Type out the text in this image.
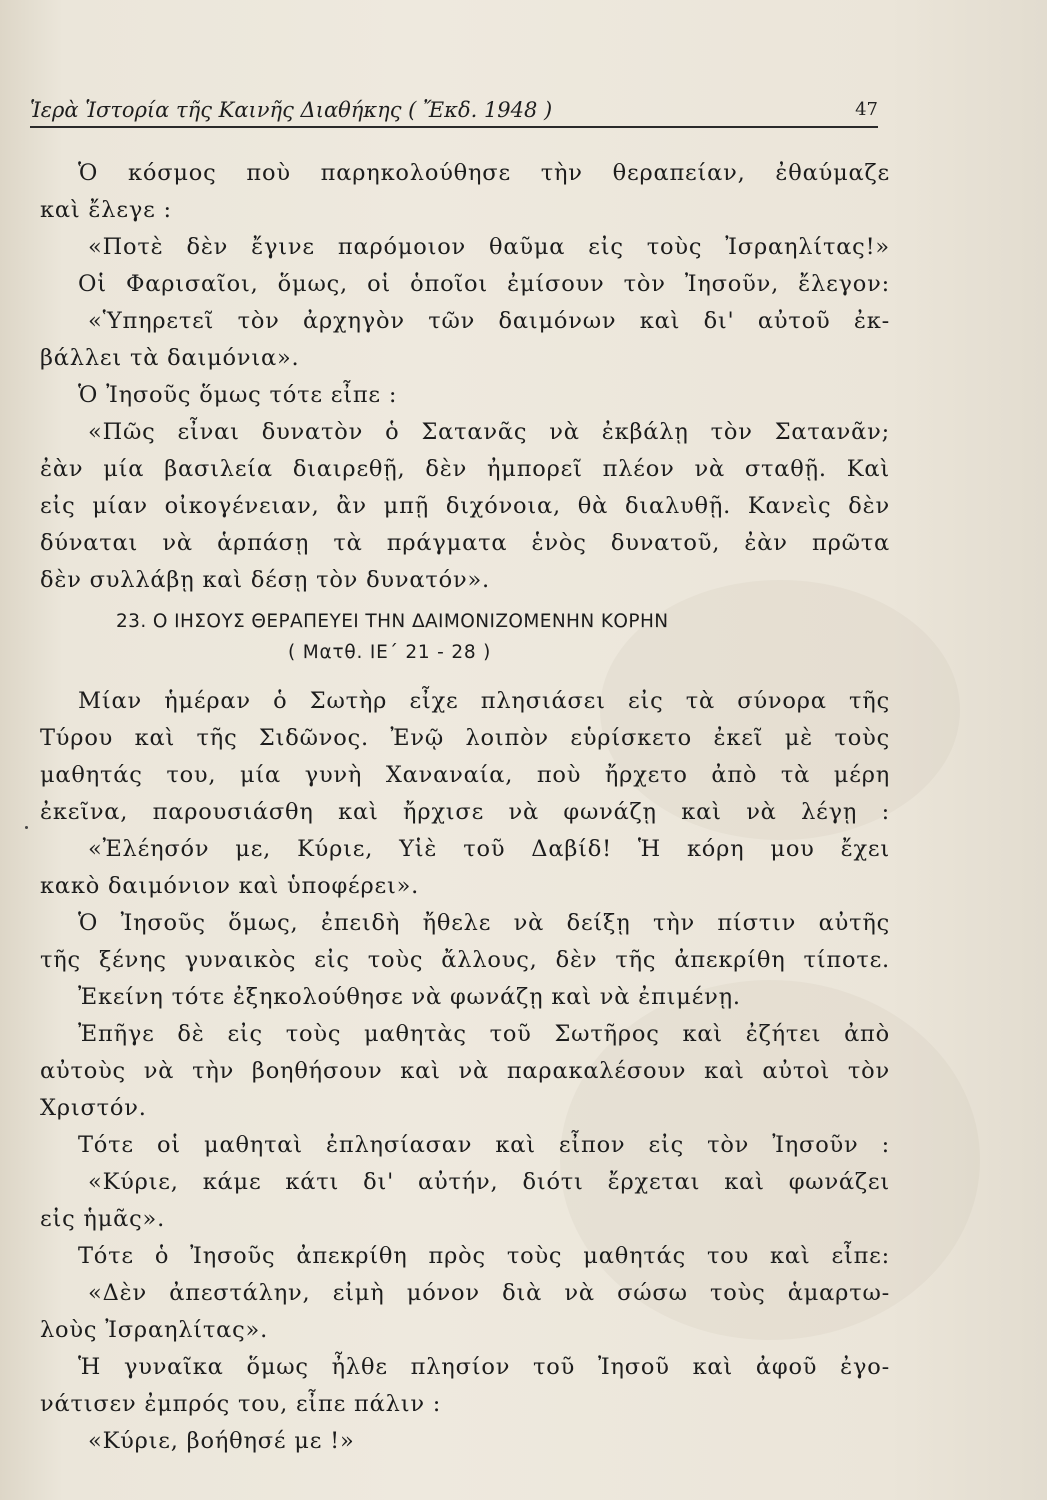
Ἱερὰ Ἱστορία τῆς Καινῆς Διαθήκης ( Ἔκδ. 1948 )	47
Ὁ κόσμος ποὺ παρηκολούθησε τὴν θεραπείαν, ἐθαύμαζε
καὶ ἔλεγε :
«Ποτὲ δὲν ἔγινε παρόμοιον θαῦμα εἰς τοὺς Ἰσραηλίτας!»
Οἱ Φαρισαῖοι, ὅμως, οἱ ὁποῖοι ἐμίσουν τὸν Ἰησοῦν, ἔλεγον:
«Ὑπηρετεῖ τὸν ἀρχηγὸν τῶν δαιμόνων καὶ δι' αὐτοῦ ἐκ-
βάλλει τὰ δαιμόνια».
Ὁ Ἰησοῦς ὅμως τότε εἶπε :
«Πῶς εἶναι δυνατὸν ὁ Σατανᾶς νὰ ἐκβάλῃ τὸν Σατανᾶν;
ἐὰν μία βασιλεία διαιρεθῇ, δὲν ἠμπορεῖ πλέον νὰ σταθῇ. Καὶ
εἰς μίαν οἰκογένειαν, ἂν μπῇ διχόνοια, θὰ διαλυθῇ. Κανεὶς δὲν
δύναται νὰ ἁρπάσῃ τὰ πράγματα ἑνὸς δυνατοῦ, ἐὰν πρῶτα
δὲν συλλάβῃ καὶ δέσῃ τὸν δυνατόν».
23. Ο ΙΗΣΟΥΣ ΘΕΡΑΠΕΥΕΙ ΤΗΝ ΔΑΙΜΟΝΙΖΟΜΕΝΗΝ ΚΟΡΗΝ
( Ματθ. ΙΕ΄ 21 - 28 )
Μίαν ἡμέραν ὁ Σωτὴρ εἶχε πλησιάσει εἰς τὰ σύνορα τῆς
Τύρου καὶ τῆς Σιδῶνος. Ἐνῷ λοιπὸν εὑρίσκετο ἐκεῖ μὲ τοὺς
μαθητάς του, μία γυνὴ Χαναναία, ποὺ ἤρχετο ἀπὸ τὰ μέρη
ἐκεῖνα, παρουσιάσθη καὶ ἤρχισε νὰ φωνάζῃ καὶ νὰ λέγῃ :
«Ἐλέησόν με, Κύριε, Υἱὲ τοῦ Δαβίδ! Ἡ κόρη μου ἔχει
κακὸ δαιμόνιον καὶ ὑποφέρει».
Ὁ Ἰησοῦς ὅμως, ἐπειδὴ ἤθελε νὰ δείξῃ τὴν πίστιν αὐτῆς
τῆς ξένης γυναικὸς εἰς τοὺς ἄλλους, δὲν τῆς ἀπεκρίθη τίποτε.
Ἐκείνη τότε ἐξηκολούθησε νὰ φωνάζῃ καὶ νὰ ἐπιμένῃ.
Ἐπῆγε δὲ εἰς τοὺς μαθητὰς τοῦ Σωτῆρος καὶ ἐζήτει ἀπὸ
αὐτοὺς νὰ τὴν βοηθήσουν καὶ νὰ παρακαλέσουν καὶ αὐτοὶ τὸν
Χριστόν.
Τότε οἱ μαθηταὶ ἐπλησίασαν καὶ εἶπον εἰς τὸν Ἰησοῦν :
«Κύριε, κάμε κάτι δι' αὐτήν, διότι ἔρχεται καὶ φωνάζει
εἰς ἡμᾶς».
Τότε ὁ Ἰησοῦς ἀπεκρίθη πρὸς τοὺς μαθητάς του καὶ εἶπε:
«Δὲν ἀπεστάλην, εἰμὴ μόνον διὰ νὰ σώσω τοὺς ἁμαρτω-
λοὺς Ἰσραηλίτας».
Ἡ γυναῖκα ὅμως ἦλθε πλησίον τοῦ Ἰησοῦ καὶ ἀφοῦ ἐγο-
νάτισεν ἐμπρός του, εἶπε πάλιν :
«Κύριε, βοήθησέ με !»
